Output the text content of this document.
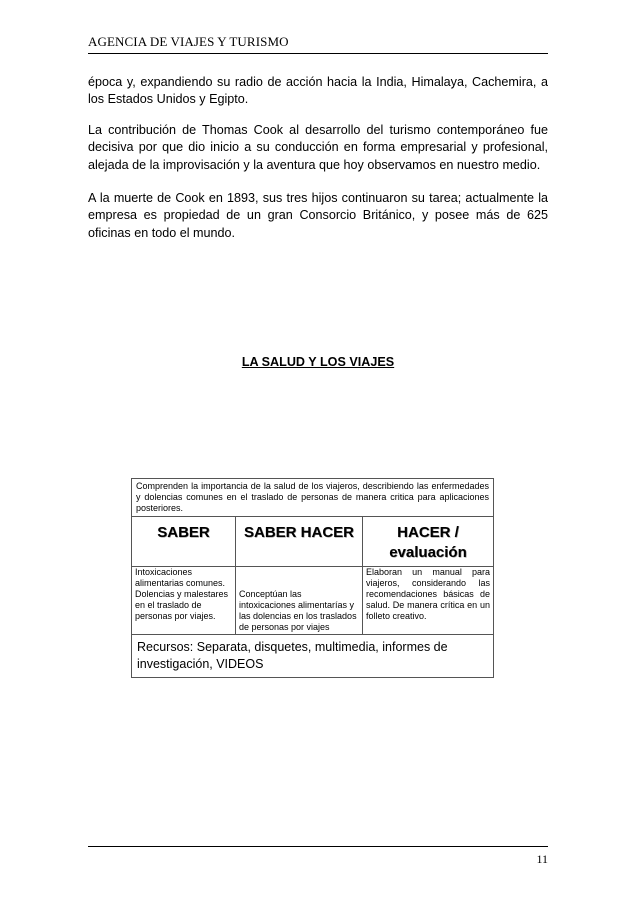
AGENCIA DE VIAJES Y TURISMO

época y, expandiendo su radio de acción hacia la India, Himalaya, Cachemira, a los Estados Unidos y Egipto.

La contribución de Thomas Cook al desarrollo del turismo contemporáneo fue decisiva por que dio inicio a su conducción en forma empresarial y profesional, alejada de la improvisación y la aventura que hoy observamos en nuestro medio.

A la muerte de Cook en 1893, sus tres hijos continuaron su tarea; actualmente la empresa es propiedad de un gran Consorcio Británico, y posee más de 625 oficinas en todo el mundo.

LA SALUD Y LOS VIAJES
Comprenden la importancia de la salud de los viajeros, describiendo las enfermedades y dolencias comunes en el traslado de personas de manera critica para aplicaciones posteriores.		
SABER	SABER HACER	HACER / evaluación
Intoxicaciones alimentarias comunes. Dolencias y malestares en el traslado de personas por viajes.	Conceptúan las intoxicaciones alimentarías y las dolencias en los traslados de personas por viajes	Elaboran un manual para viajeros, considerando las recomendaciones básicas de salud. De manera crítica en un folleto creativo.
Recursos: Separata, disquetes, multimedia, informes de investigación, VIDEOS		
11
